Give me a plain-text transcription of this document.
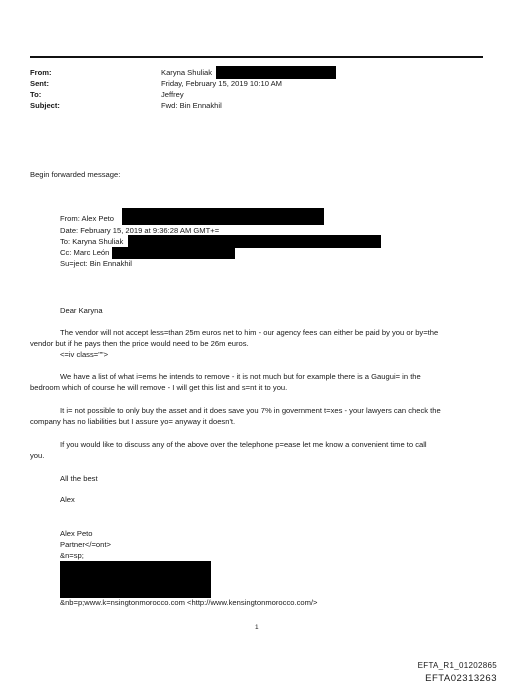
From:
Sent:
To:
Subject:
Karyna Shuliak
Friday, February 15, 2019 10:10 AM
Jeffrey
Fwd: Bin Ennakhil
Begin forwarded message:
From: Alex Peto
Date: February 15, 2019 at 9:36:28 AM GMT+=
To: Karyna Shuliak
Cc: Marc León
Su=ject: Bin Ennakhil
Dear Karyna
The vendor will not accept less=than 25m euros net to him - our agency fees can either be paid by you or by=the
vendor but if he pays then the price would need to be 26m euros.
<=iv class="">
We have a list of what i=ems he intends to remove - it is not much but for example there is a Gaugui= in the
bedroom which of course he will remove - I will get this list and s=nt it to you.
It i= not possible to only buy the asset and it does save you 7% in government t=xes - your lawyers can check the
company has no liabilities but I assure yo= anyway it doesn't.
If you would like to discuss any of the above over the telephone p=ease let me know a convenient time to call
you.
All the best
Alex
Alex Peto
Partner</=ont>
&n=sp;
&nb=p;www.k=nsingtonmorocco.com <http://www.kensingtonmorocco.com/>
1
EFTA_R1_01202865
EFTA02313263
